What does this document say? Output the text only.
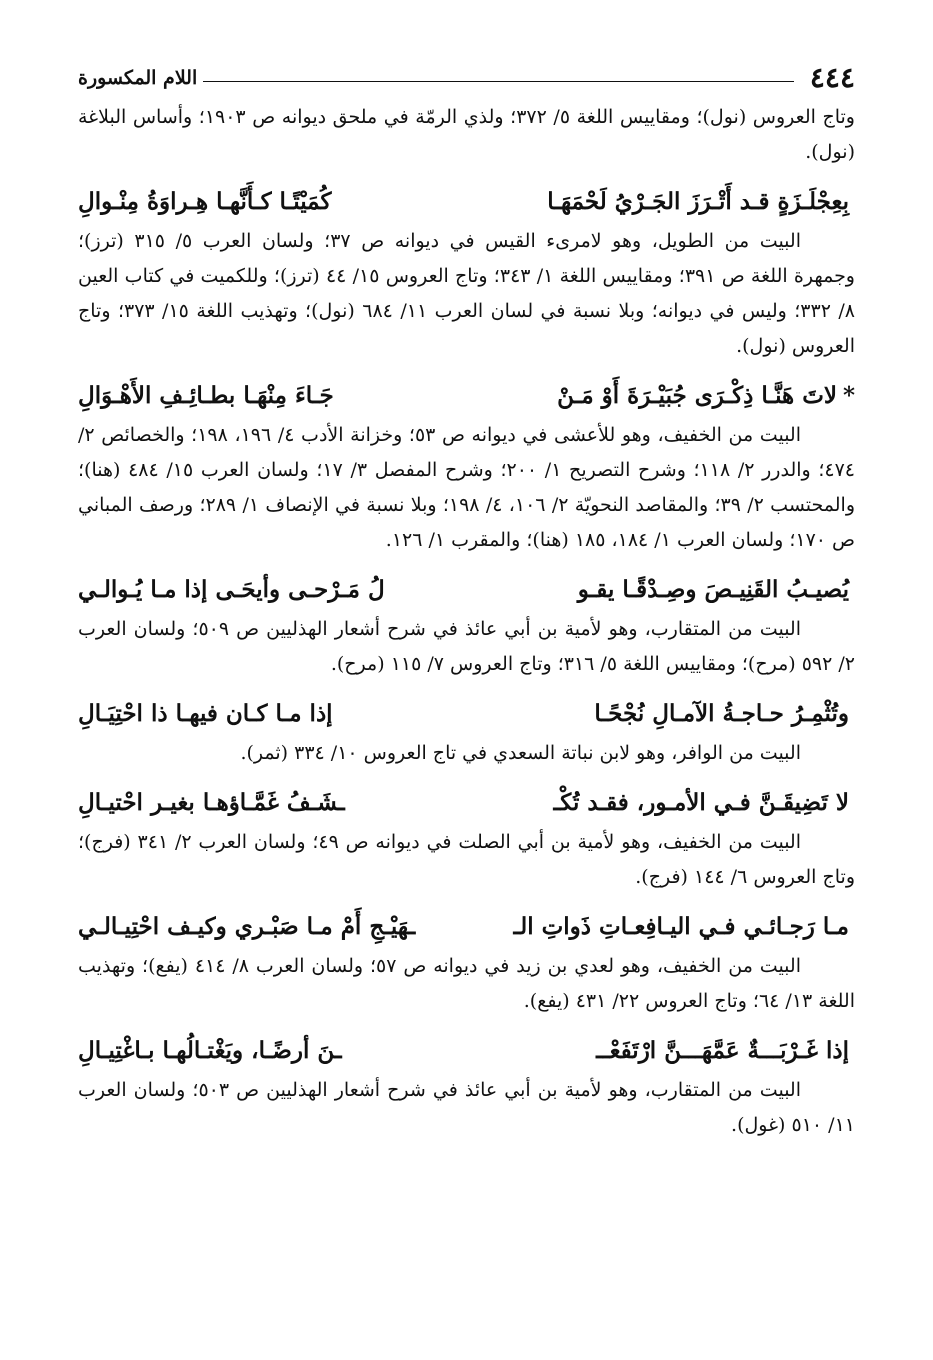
٤٤٤
اللام المكسورة
وتاج العروس (نول)؛ ومقاييس اللغة ٥/ ٣٧٢؛ ولذي الرمّة في ملحق ديوانه ص ١٩٠٣؛ وأساس البلاغة (نول).
بِعِجْلَـزَةٍ قـد أَتْـرَزَ الجَـرْيُ لَحْمَهَـا
كُمَيْتًـا كـأَنَّهـا هِـراوَةُ مِنْـوالِ
البيت من الطويل، وهو لامرىء القيس في ديوانه ص ٣٧؛ ولسان العرب ٥/ ٣١٥ (ترز)؛ وجمهرة اللغة ص ٣٩١؛ ومقاييس اللغة ١/ ٣٤٣؛ وتاج العروس ١٥/ ٤٤ (ترز)؛ وللكميت في كتاب العين ٨/ ٣٣٢؛ وليس في ديوانه؛ وبلا نسبة في لسان العرب ١١/ ٦٨٤ (نول)؛ وتهذيب اللغة ١٥/ ٣٧٣؛ وتاج العروس (نول).
*لاتَ هَنَّـا ذِكْـرَى جُبَيْـرَةَ أَوْ مَـنْ
جَـاءَ مِنْهَـا بطـائِـفِ الأَهْـوَالِ
البيت من الخفيف، وهو للأعشى في ديوانه ص ٥٣؛ وخزانة الأدب ٤/ ١٩٦، ١٩٨؛ والخصائص ٢/ ٤٧٤؛ والدرر ٢/ ١١٨؛ وشرح التصريح ١/ ٢٠٠؛ وشرح المفصل ٣/ ١٧؛ ولسان العرب ١٥/ ٤٨٤ (هنا)؛ والمحتسب ٢/ ٣٩؛ والمقاصد النحويّة ٢/ ١٠٦، ٤/ ١٩٨؛ وبلا نسبة في الإنصاف ١/ ٢٨٩؛ ورصف المباني ص ١٧٠؛ ولسان العرب ١/ ١٨٤، ١٨٥ (هنا)؛ والمقرب ١/ ١٢٦.
يُصيـبُ القَنِيـصَ وصِـدْقًـا يقـو
لُ مَـرْحـى وأيحَـى إذا مـا يُـوالـي
البيت من المتقارب، وهو لأمية بن أبي عائذ في شرح أشعار الهذليين ص ٥٠٩؛ ولسان العرب ٢/ ٥٩٢ (مرح)؛ ومقاييس اللغة ٥/ ٣١٦؛ وتاج العروس ٧/ ١١٥ (مرح).
وتُثْمِـرُ حـاجـةُ الآمـالِ نُجْحًـا
إذا مـا كـان فيهـا ذا احْتِيَـالِ
البيت من الوافر، وهو لابن نباتة السعدي في تاج العروس ١٠/ ٣٣٤ (ثمر).
لا تَضِيقَـنَّ فـي الأمـور، فقـد تُكْـ
ـشَـفُ غَمَّـاؤهـا بغيـر احْتيـالِ
البيت من الخفيف، وهو لأمية بن أبي الصلت في ديوانه ص ٤٩؛ ولسان العرب ٢/ ٣٤١ (فرج)؛ وتاج العروس ٦/ ١٤٤ (فرج).
مـا رَجـائـي فـي اليـافِعـاتِ ذَواتِ الـ
ـهَيْـجِ أَمْ مـا صَبْـري وكيـف احْتِيـالـي
البيت من الخفيف، وهو لعدي بن زيد في ديوانه ص ٥٧؛ ولسان العرب ٨/ ٤١٤ (يفع)؛ وتهذيب اللغة ١٣/ ٦٤؛ وتاج العروس ٢٢/ ٤٣١ (يفع).
إذا غَـرْبَـــةٌ عَمَّهَـــنَّ ارْتَفَعْــ
ـنَ أرضًـا، ويَغْتـالُهـا بـاغْتِيـالِ
البيت من المتقارب، وهو لأمية بن أبي عائذ في شرح أشعار الهذليين ص ٥٠٣؛ ولسان العرب ١١/ ٥١٠ (غول).
